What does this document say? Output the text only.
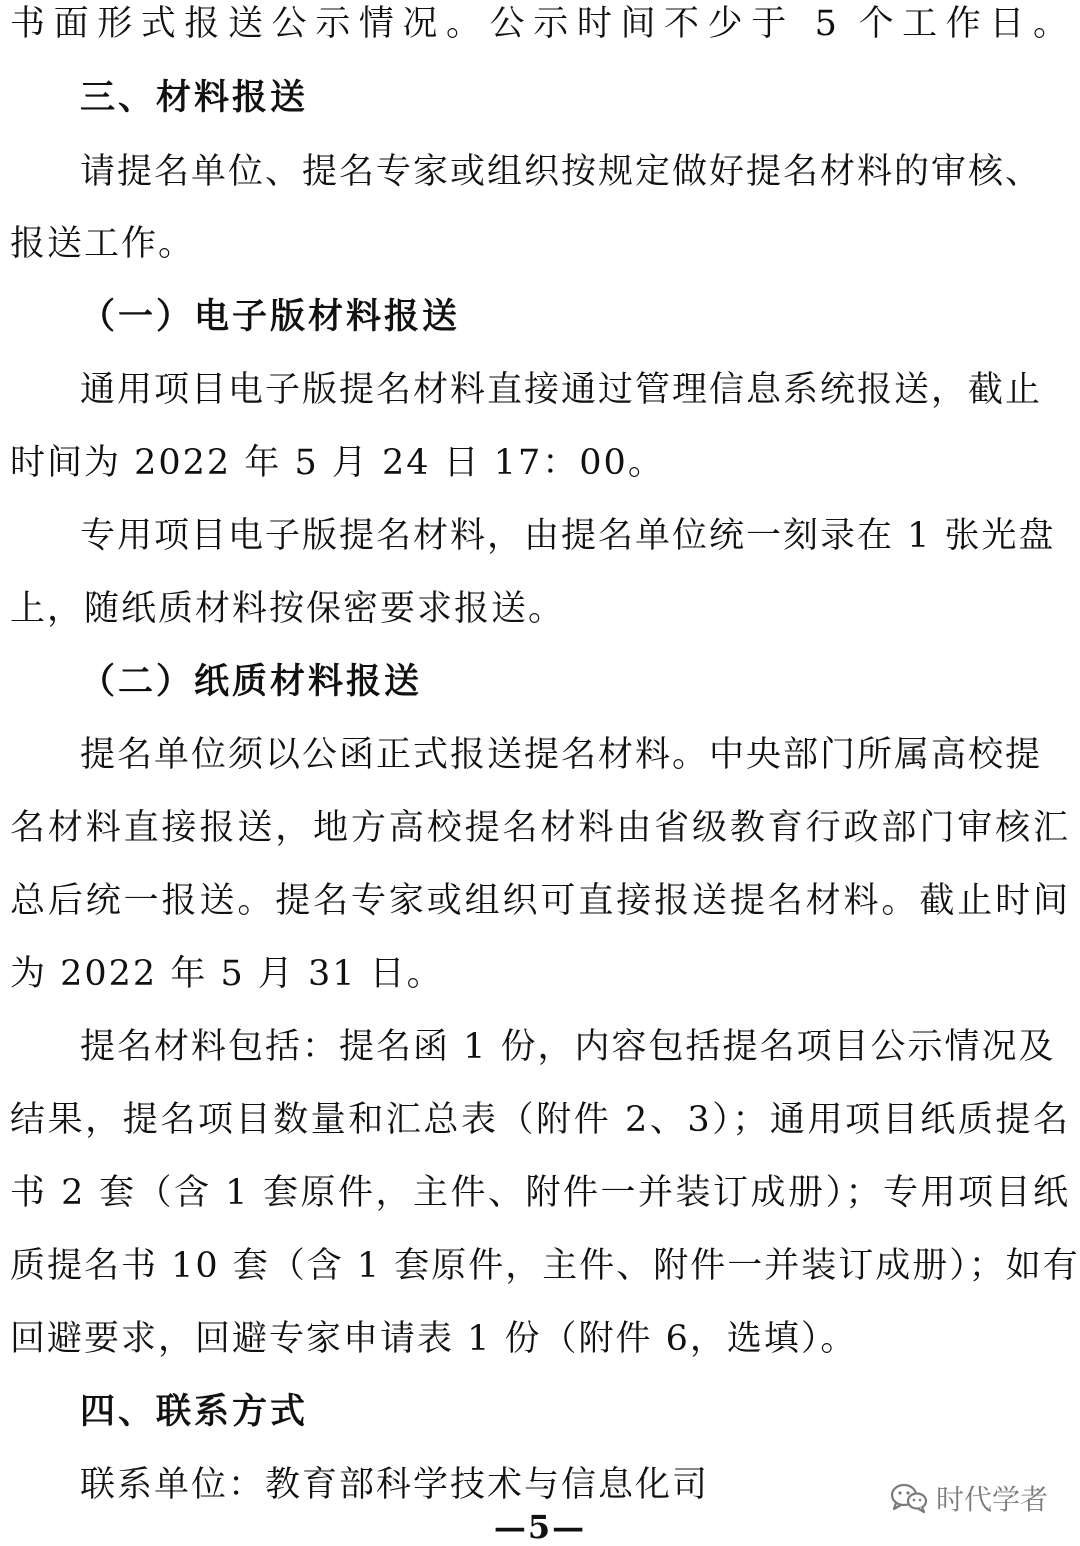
书面形式报送公示情况。公示时间不少于 5 个工作日。
三、材料报送
请提名单位、提名专家或组织按规定做好提名材料的审核、
报送工作。
（一）电子版材料报送
通用项目电子版提名材料直接通过管理信息系统报送，截止
时间为 2022 年 5 月 24 日 17：00。
专用项目电子版提名材料，由提名单位统一刻录在 1 张光盘
上，随纸质材料按保密要求报送。
（二）纸质材料报送
提名单位须以公函正式报送提名材料。中央部门所属高校提
名材料直接报送，地方高校提名材料由省级教育行政部门审核汇
总后统一报送。提名专家或组织可直接报送提名材料。截止时间
为 2022 年 5 月 31 日。
提名材料包括：提名函 1 份，内容包括提名项目公示情况及
结果，提名项目数量和汇总表（附件 2、3）；通用项目纸质提名
书 2 套（含 1 套原件，主件、附件一并装订成册）；专用项目纸
质提名书 10 套（含 1 套原件，主件、附件一并装订成册）；如有
回避要求，回避专家申请表 1 份（附件 6，选填）。
四、联系方式
联系单位：教育部科学技术与信息化司
—5—
时代学者
